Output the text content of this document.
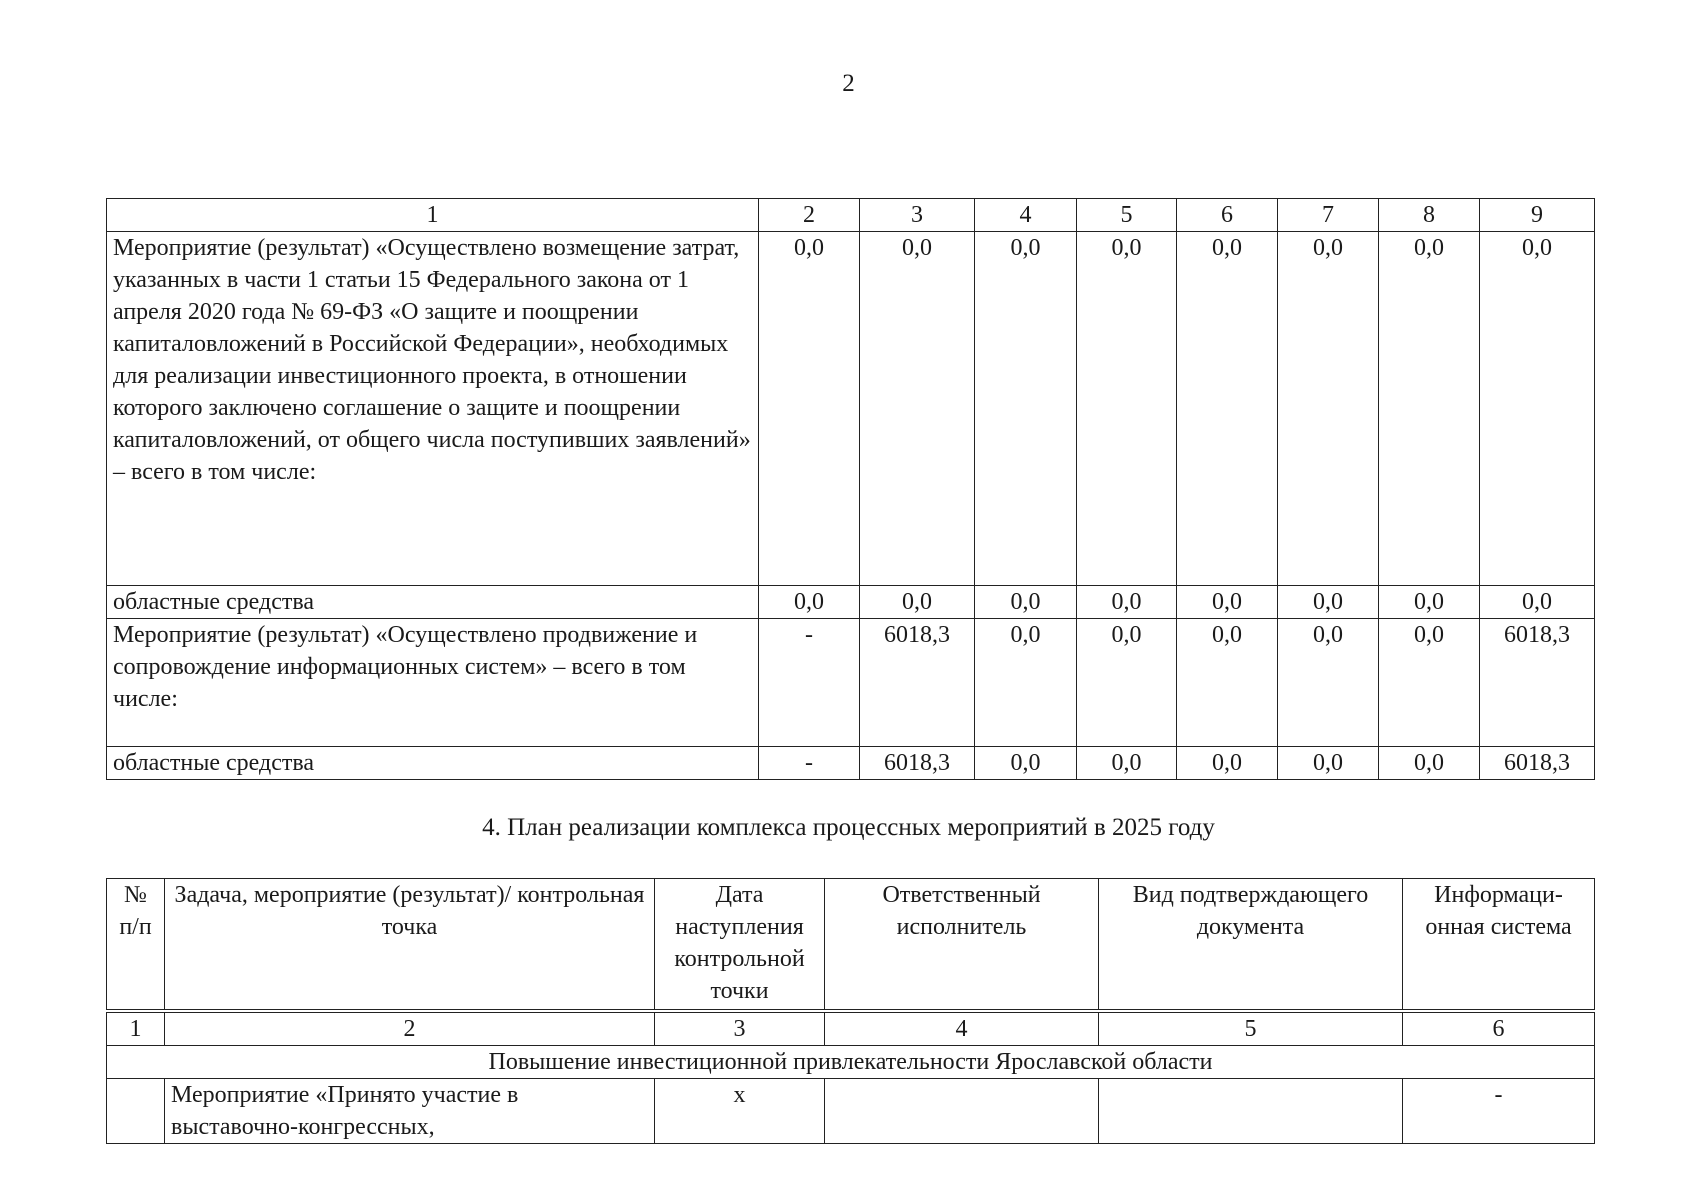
2
1	2	3	4	5	6	7	8	9
Мероприятие (результат) «Осуществлено возмещение затрат, указанных в части 1 статьи 15 Федерального закона от 1 апреля 2020 года № 69-ФЗ «О защите и поощрении капиталовложений в Российской Федерации», необходимых для реализации инвестиционного проекта, в отношении которого заключено соглашение о защите и поощрении капиталовложений, от общего числа поступивших заявлений» – всего в том числе:	0,0	0,0	0,0	0,0	0,0	0,0	0,0	0,0
областные средства	0,0	0,0	0,0	0,0	0,0	0,0	0,0	0,0
Мероприятие (результат) «Осуществлено продвижение и сопровождение информационных систем» – всего в том числе:	-	6018,3	0,0	0,0	0,0	0,0	0,0	6018,3
областные средства	-	6018,3	0,0	0,0	0,0	0,0	0,0	6018,3
4. План реализации комплекса процессных мероприятий в 2025 году
№ п/п	Задача, мероприятие (результат)/ контрольная точка	Дата наступления контрольной точки	Ответственный исполнитель	Вид подтверждающего документа	Информаци-онная система
1	2	3	4	5	6
Повышение инвестиционной привлекательности Ярославской области					
	Мероприятие «Принято участие в выставочно-конгрессных,	х			-
